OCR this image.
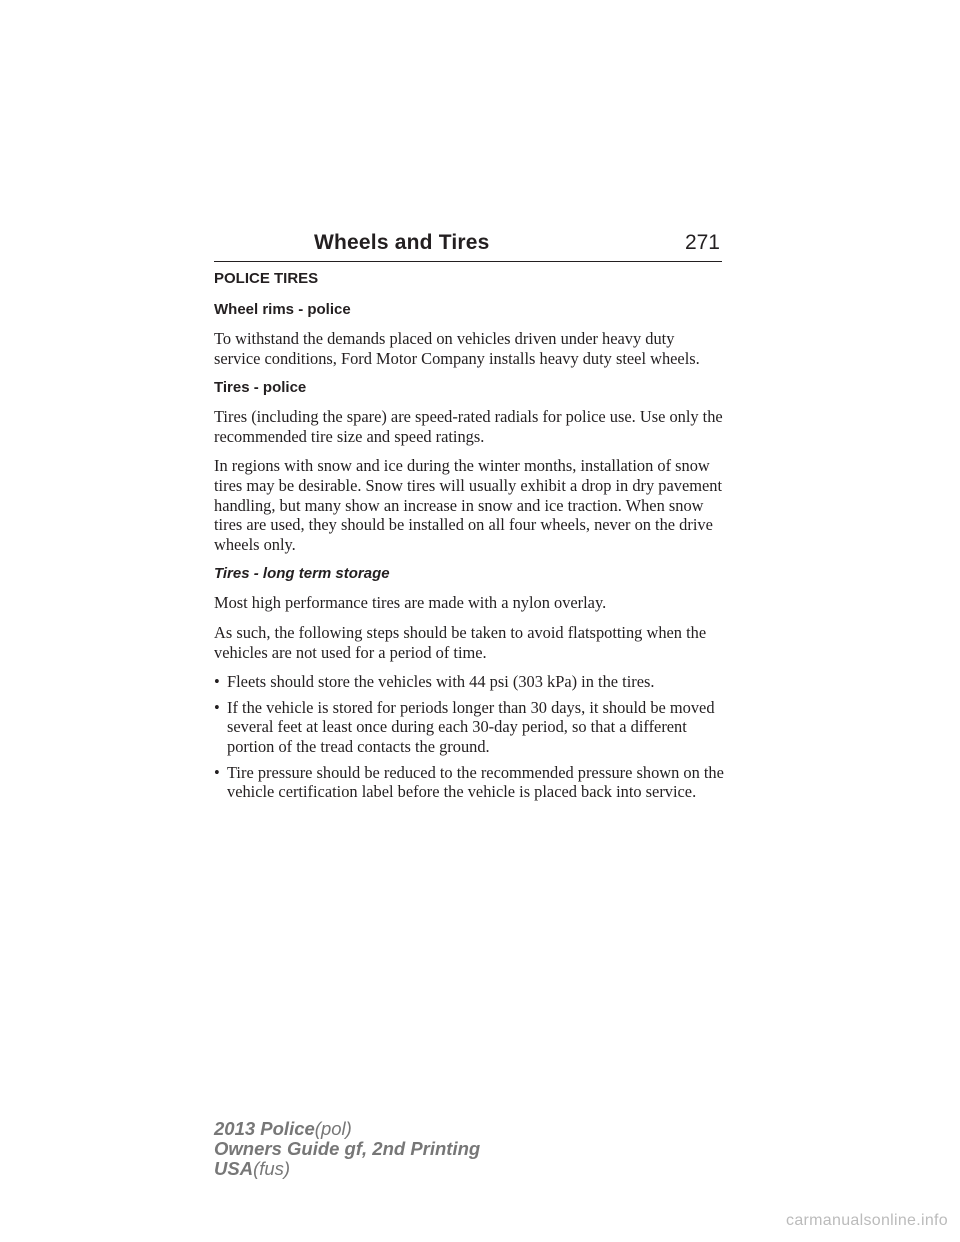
Wheels and Tires	271
POLICE TIRES
Wheel rims - police

To withstand the demands placed on vehicles driven under heavy duty service conditions, Ford Motor Company installs heavy duty steel wheels.

Tires - police

Tires (including the spare) are speed-rated radials for police use. Use only the recommended tire size and speed ratings.

In regions with snow and ice during the winter months, installation of snow tires may be desirable. Snow tires will usually exhibit a drop in dry pavement handling, but many show an increase in snow and ice traction. When snow tires are used, they should be installed on all four wheels, never on the drive wheels only.

Tires - long term storage

Most high performance tires are made with a nylon overlay.

As such, the following steps should be taken to avoid flatspotting when the vehicles are not used for a period of time.

• Fleets should store the vehicles with 44 psi (303 kPa) in the tires.
• If the vehicle is stored for periods longer than 30 days, it should be moved several feet at least once during each 30-day period, so that a different portion of the tread contacts the ground.
• Tire pressure should be reduced to the recommended pressure shown on the vehicle certification label before the vehicle is placed back into service.
2013 Police(pol)
Owners Guide gf, 2nd Printing
USA(fus)
carmanualsonline.info
